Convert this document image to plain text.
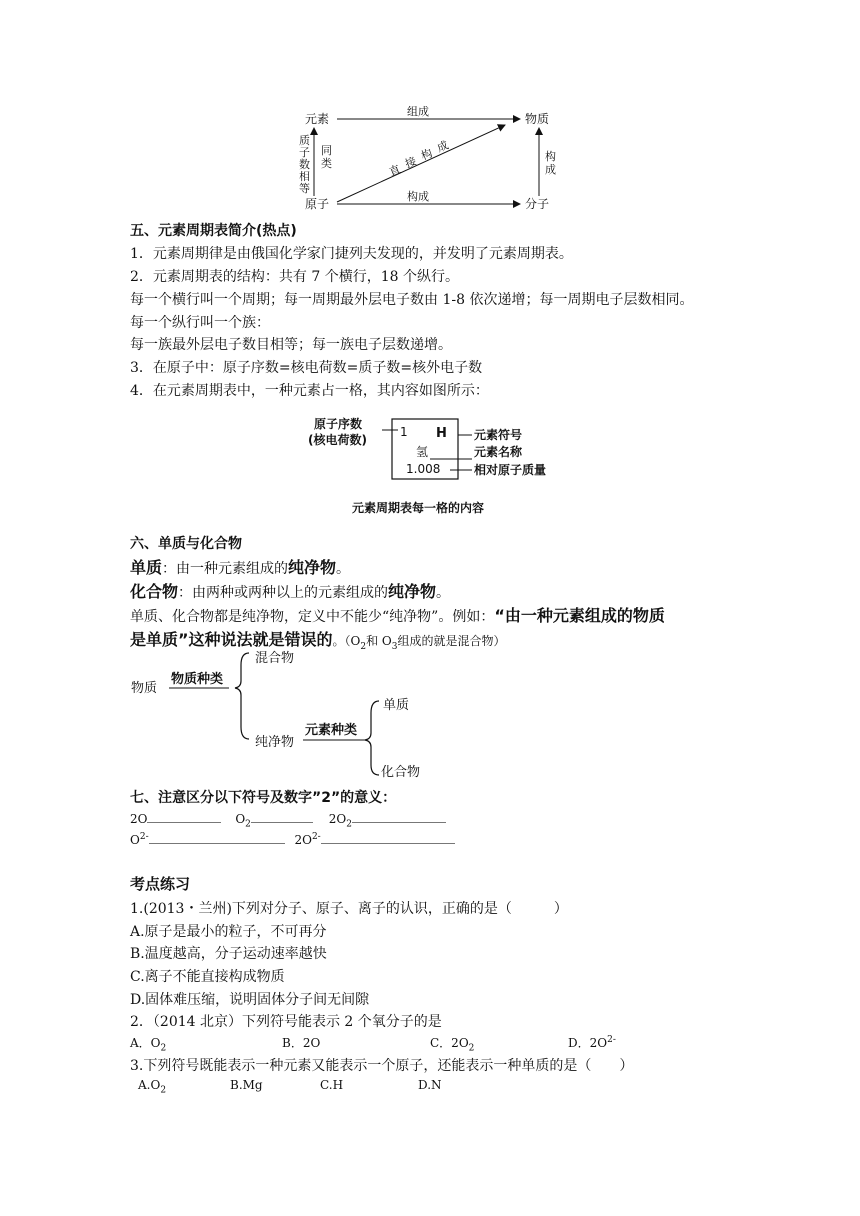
元素	物质
原子	分子
组成
构成
构成
质
子
数
相
等
同
类	直 接 构 成
五、元素周期表简介(热点)
1．元素周期律是由俄国化学家门捷列夫发现的，并发明了元素周期表。
2．元素周期表的结构：共有 7 个横行，18 个纵行。
每一个横行叫一个周期；每一周期最外层电子数由 1-8 依次递增；每一周期电子层数相同。
每一个纵行叫一个族：
每一族最外层电子数目相等；每一族电子层数递增。
3．在原子中：原子序数=核电荷数=质子数=核外电子数
4．在元素周期表中，一种元素占一格，其内容如图所示：
原子序数
(核电荷数)
1 H
氢
1.008
元素符号
元素名称
相对原子质量
元素周期表每一格的内容
六、单质与化合物
单质：由一种元素组成的纯净物。
化合物：由两种或两种以上的元素组成的纯净物。
单质、化合物都是纯净物，定义中不能少“纯净物”。例如：“由一种元素组成的物质
是单质”这种说法就是错误的。（$O_2$和 $O_3$组成的就是混合物）
物质
物质种类
混合物
纯净物
元素种类
单质
化合物
七、注意区分以下符号及数字”2”的意义：
2O	$O_2$	$2O_2$
$O^{2-}$	$2O^{2-}$
考点练习
1.(2013・兰州)下列对分子、原子、离子的认识，正确的是（　　　）
A.原子是最小的粒子，不可再分
B.温度越高，分子运动速率越快
C.离子不能直接构成物质
D.固体难压缩，说明固体分子间无间隙
2．（2014 北京）下列符号能表示 2 个氧分子的是
A．$O_2$	B．2O	C．$2O_2$	D．$2O^{2-}$
3.下列符号既能表示一种元素又能表示一个原子，还能表示一种单质的是（　　）
$A.O_2$	B.Mg	C.H	D.N
